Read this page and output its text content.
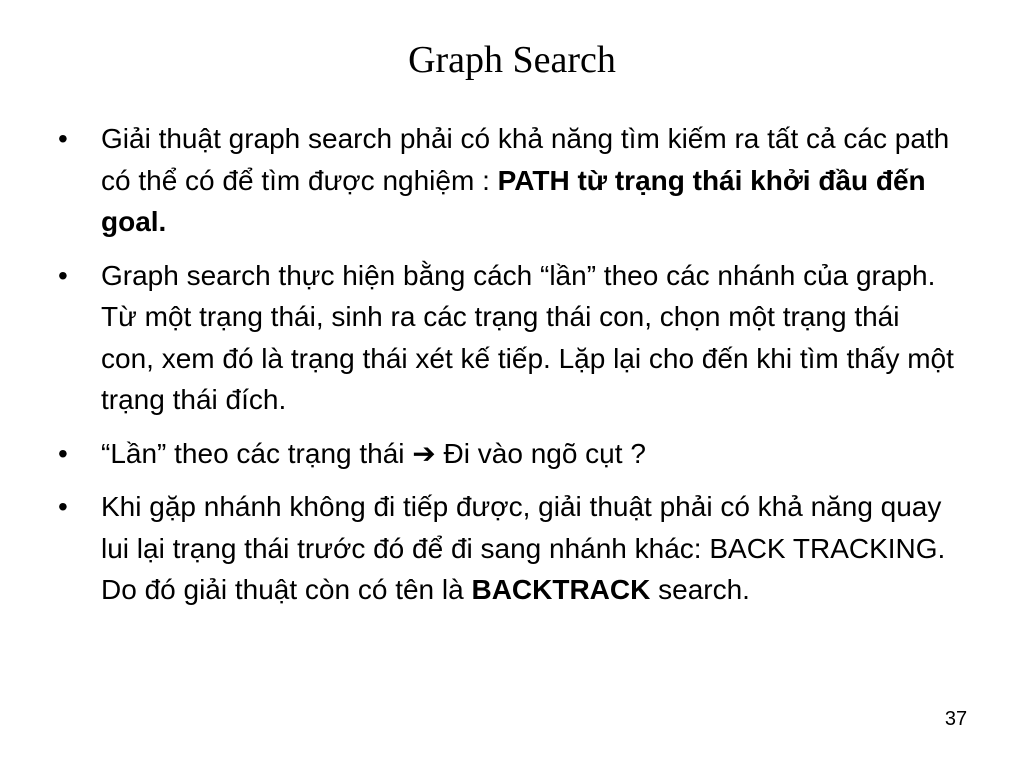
Graph Search
•	Giải thuật graph search phải có khả năng tìm kiếm ra tất cả các path có thể có để tìm được nghiệm : PATH từ trạng thái khởi đầu đến goal.
•	Graph search thực hiện bằng cách “lần” theo các nhánh của graph. Từ một trạng thái, sinh ra các trạng thái con, chọn một trạng thái con, xem đó là trạng thái xét kế tiếp. Lặp lại cho đến khi tìm thấy một trạng thái đích.
•	“Lần” theo các trạng thái ➔ Đi vào ngõ cụt ?
•	Khi gặp nhánh không đi tiếp được, giải thuật phải có khả năng quay lui lại trạng thái trước đó để đi sang nhánh khác: BACK TRACKING. Do đó giải thuật còn có tên là BACKTRACK search.
37
